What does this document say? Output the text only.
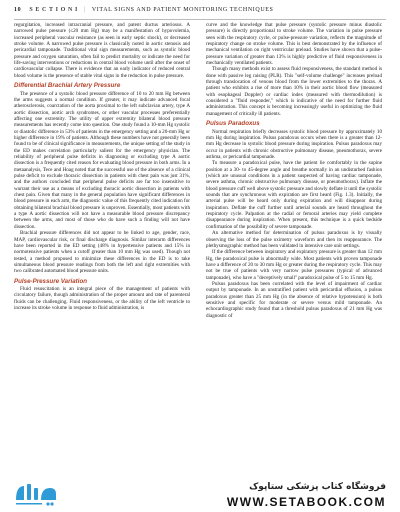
10 S E C T I O N I | VITAL SIGNS AND PATIENT MONITORING TECHNIQUES

regurgitation, increased intracranial pressure, and patent ductus arteriosus. A narrowed pulse pressure (≤20 mm Hg) may be a manifestation of hypovolemia, increased peripheral vascular resistance (as seen in early septic shock), or decreased stroke volume. A narrowed pulse pressure is classically noted in aortic stenosis and pericardial tamponade. Traditional vital sign measurements, such as systolic blood pressure and oxygen saturation, often fail to predict mortality or indicate the need for life-saving interventions or reductions in central blood volume until after the onset of cardiovascular collapse. There is evidence that an early indicator of reduced central blood volume is the presence of stable vital signs in the reduction in pulse pressure.

Differential Brachial Artery Pressure

The presence of a systolic blood pressure difference of 10 to 20 mm Hg between the arms suggests a normal condition. If greater, it may indicate advanced focal atherosclerosis, coarctation of the aorta proximal to the left subclavian artery, type A aortic dissection, aortic arch syndromes, or other vascular processes preferentially affecting one extremity. The utility of upper extremity bilateral blood pressure measurements has recently come into question. One study found a 10-mm Hg systolic or diastolic difference in 53% of patients in the emergency setting and a 20-mm Hg or higher difference in 19% of patients. Although these numbers have not generally been found to be of clinical significance in measurements, the unique setting of the study in the ED makes correlation particularly salient for the emergency physician. The reliability of peripheral pulse deficits in diagnosing or excluding type A aortic dissection is a frequently cited reason for evaluating blood pressure in both arms. In a metaanalysis, Tece and Hoag noted that the successful use of the absence of a clinical pulse deficit to exclude thoracic dissection in patients with chest pain was just 31%, and the authors concluded that peripheral pulse deficits are far too insensitive to warrant their use as a means of excluding thoracic aortic dissection in patients with chest pain. Given that many in the general population have significant differences in blood pressure in each arm, the diagnostic value of this frequently cited indication for obtaining bilateral brachial blood pressure is unproven. Essentially, most patients with a type A aortic dissection will not have a measurable blood pressure discrepancy between the arms, and most of those who do have such a finding will not have dissection.

Brachial pressure differences did not appear to be linked to age, gender, race, MAP, cardiovascular risk, or final discharge diagnosis. Similar interarm differences have been reported in the ED setting (48% in hypertensive patients and 15% in normotensive patients when a cutoff greater than 10 mm Hg was used). Though not tested, a method proposed to minimize these differences in the ED is to take simultaneous blood pressure readings from both the left and right extremities with two calibrated automated blood pressure units.

Pulse-Pressure Variation

Fluid resuscitation is an integral piece of the management of patients with circulatory failure, though administration of the proper amount and rate of parenteral fluids can be challenging. Fluid responsiveness, or the ability of the left ventricle to increase its stroke volume in response to fluid administration, is

curve and the knowledge that pulse pressure (systolic pressure minus diastolic pressure) is directly proportional to stroke volume. The variation in pulse pressure seen with the respiratory cycle, or pulse-pressure variation, reflects the magnitude of respiratory change on stroke volume. This is best demonstrated by the influence of mechanical ventilation on right ventricular preload. Studies have shown that a pulse-pressure variation of greater than 13% is highly predictive of fluid responsiveness in mechanically ventilated patients.

Though many methods exist to assess fluid responsiveness, the standard method is done with passive leg raising (PLR). This "self-volume challenge" increases preload through translocation of venous blood from the lower extremities to the thorax. A patient who exhibits a rise of more than 10% in their aortic blood flow (measured with esophageal Doppler) or cardiac index (measured with thermodilution) is considered a "fluid responder," which is indicative of the need for further fluid administration. This concept is becoming increasingly useful in optimizing the fluid management of critically ill patients.

Pulsus Paradoxus

Normal respiration briefly decreases systolic blood pressure by approximately 10 mm Hg during inspiration. Pulsus paradoxus occurs when there is a greater than 12-mm Hg decrease in systolic blood pressure during inspiration. Pulsus paradoxus may occur in patients with chronic obstructive pulmonary disease, pneumothorax, severe asthma, or pericardial tamponade.

To measure a paradoxical pulse, have the patient lie comfortably in the supine position at a 30- to 45-degree angle and breathe normally in an undisturbed fashion (which are unusual conditions in a patient suspected of having cardiac tamponade, severe asthma, chronic obstructive pulmonary disease, or pneumothorax). Inflate the blood pressure cuff well above systolic pressure and slowly deflate it until the systolic sounds that are synchronous with expiration are first heard (Fig. 1.3). Initially, the arterial pulse will be heard only during expiration and will disappear during inspiration. Deflate the cuff further until arterial sounds are heard throughout the respiratory cycle. Palpation at the radial or femoral arteries may yield complete disappearance during inspiration. When present, this technique is a quick bedside confirmation of the possibility of severe tamponade.

An alternative method for determination of pulsus paradoxus is by visually observing the loss of the pulse oximetry waveform and then its reappearance. The plethysmographic method has been validated in intensive care unit settings.

If the difference between inspiratory and expiratory pressure is greater than 12 mm Hg, the paradoxical pulse is abnormally wide. Most patients with proven tamponade have a difference of 20 to 30 mm Hg or greater during the respiratory cycle. This may not be true of patients with very narrow pulse pressures (typical of advanced tamponade), who have a "deceptively small" paradoxical pulse of 5 to 15 mm Hg.

Pulsus paradoxus has been correlated with the level of impairment of cardiac output by tamponade. In an unstratified patient with pericardial effusion, a pulsus paradoxus greater than 25 mm Hg (in the absence of relative hypotension) is both sensitive and specific for moderate or severe versus mild tamponade. An echocardiographic study found that a threshold pulsus paradoxus of 21 mm Hg was diagnostic of

فروشگاه کتاب پزشکی ستاپوک
WWW.SETABOOK.COM
